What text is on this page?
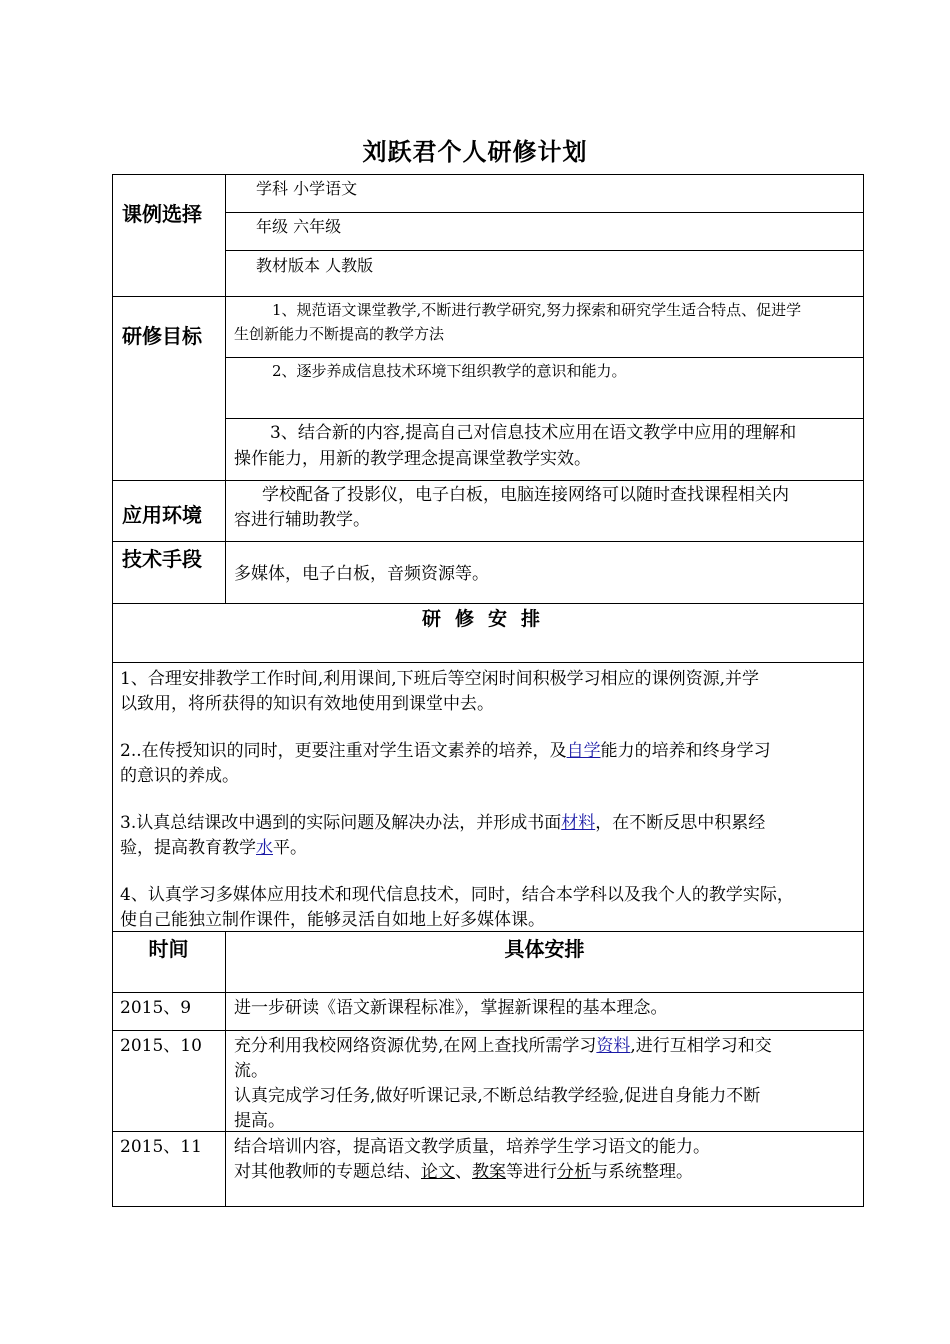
刘跃君个人研修计划
课例选择
学科 小学语文
年级 六年级
教材版本 人教版
研修目标
1、规范语文课堂教学,不断进行教学研究,努力探索和研究学生适合特点、促进学
生创新能力不断提高的教学方法
2、逐步养成信息技术环境下组织教学的意识和能力。
3、结合新的内容,提高自己对信息技术应用在语文教学中应用的理解和
操作能力，用新的教学理念提高课堂教学实效。
应用环境
学校配备了投影仪，电子白板，电脑连接网络可以随时查找课程相关内
容进行辅助教学。
技术手段
多媒体，电子白板，音频资源等。
研修安排
1、合理安排教学工作时间,利用课间,下班后等空闲时间积极学习相应的课例资源,并学
以致用，将所获得的知识有效地使用到课堂中去。
2..在传授知识的同时，更要注重对学生语文素养的培养，及自学能力的培养和终身学习
的意识的养成。
3.认真总结课改中遇到的实际问题及解决办法，并形成书面材料，在不断反思中积累经
验，提高教育教学水平。
4、认真学习多媒体应用技术和现代信息技术，同时，结合本学科以及我个人的教学实际，
使自己能独立制作课件，能够灵活自如地上好多媒体课。
时间	具体安排
2015、9	进一步研读《语文新课程标准》，掌握新课程的基本理念。
2015、10 充分利用我校网络资源优势,在网上查找所需学习资料,进行互相学习和交
流。
认真完成学习任务,做好听课记录,不断总结教学经验,促进自身能力不断
提高。
2015、11 结合培训内容，提高语文教学质量，培养学生学习语文的能力。
对其他教师的专题总结、论文、教案等进行分析与系统整理。
